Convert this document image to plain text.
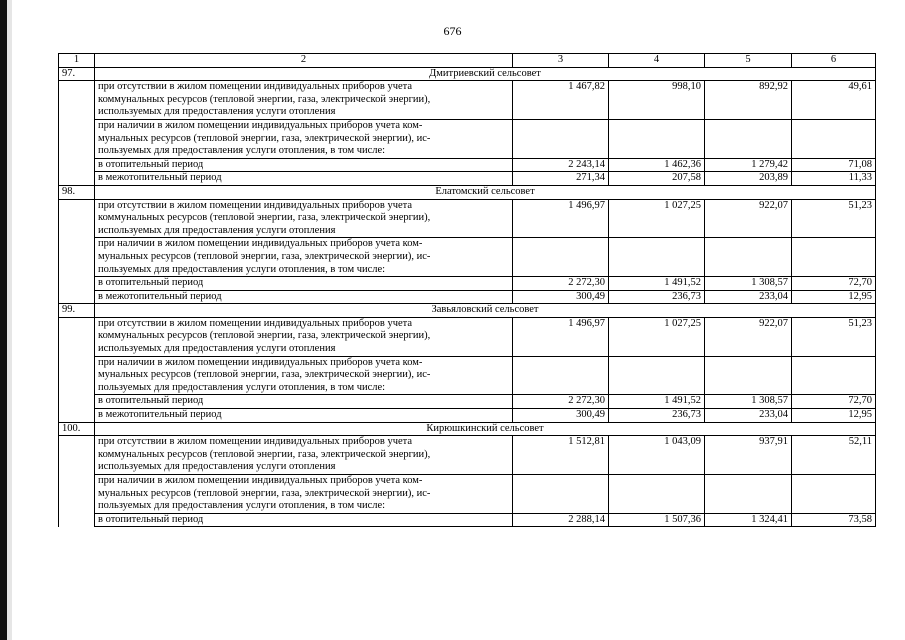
676
1	2	3	4	5	6
97.	Дмитриевский сельсовет				
	при отсутствии в жилом помещении индивидуальных приборов учета
коммунальных ресурсов (тепловой энергии, газа, электрической энергии),
используемых для предоставления услуги отопления	1 467,82	998,10	892,92	49,61
	при наличии в жилом помещении индивидуальных приборов учета ком-
мунальных ресурсов (тепловой энергии, газа, электрической энергии), ис-
пользуемых для предоставления услуги отопления, в том числе:				
	в отопительный период	2 243,14	1 462,36	1 279,42	71,08
	в межотопительный период	271,34	207,58	203,89	11,33
98.	Елатомский сельсовет				
	при отсутствии в жилом помещении индивидуальных приборов учета
коммунальных ресурсов (тепловой энергии, газа, электрической энергии),
используемых для предоставления услуги отопления	1 496,97	1 027,25	922,07	51,23
	при наличии в жилом помещении индивидуальных приборов учета ком-
мунальных ресурсов (тепловой энергии, газа, электрической энергии), ис-
пользуемых для предоставления услуги отопления, в том числе:				
	в отопительный период	2 272,30	1 491,52	1 308,57	72,70
	в межотопительный период	300,49	236,73	233,04	12,95
99.	Завьяловский сельсовет				
	при отсутствии в жилом помещении индивидуальных приборов учета
коммунальных ресурсов (тепловой энергии, газа, электрической энергии),
используемых для предоставления услуги отопления	1 496,97	1 027,25	922,07	51,23
	при наличии в жилом помещении индивидуальных приборов учета ком-
мунальных ресурсов (тепловой энергии, газа, электрической энергии), ис-
пользуемых для предоставления услуги отопления, в том числе:				
	в отопительный период	2 272,30	1 491,52	1 308,57	72,70
	в межотопительный период	300,49	236,73	233,04	12,95
100.	Кирюшкинский сельсовет				
	при отсутствии в жилом помещении индивидуальных приборов учета
коммунальных ресурсов (тепловой энергии, газа, электрической энергии),
используемых для предоставления услуги отопления	1 512,81	1 043,09	937,91	52,11
	при наличии в жилом помещении индивидуальных приборов учета ком-
мунальных ресурсов (тепловой энергии, газа, электрической энергии), ис-
пользуемых для предоставления услуги отопления, в том числе:				
	в отопительный период	2 288,14	1 507,36	1 324,41	73,58
